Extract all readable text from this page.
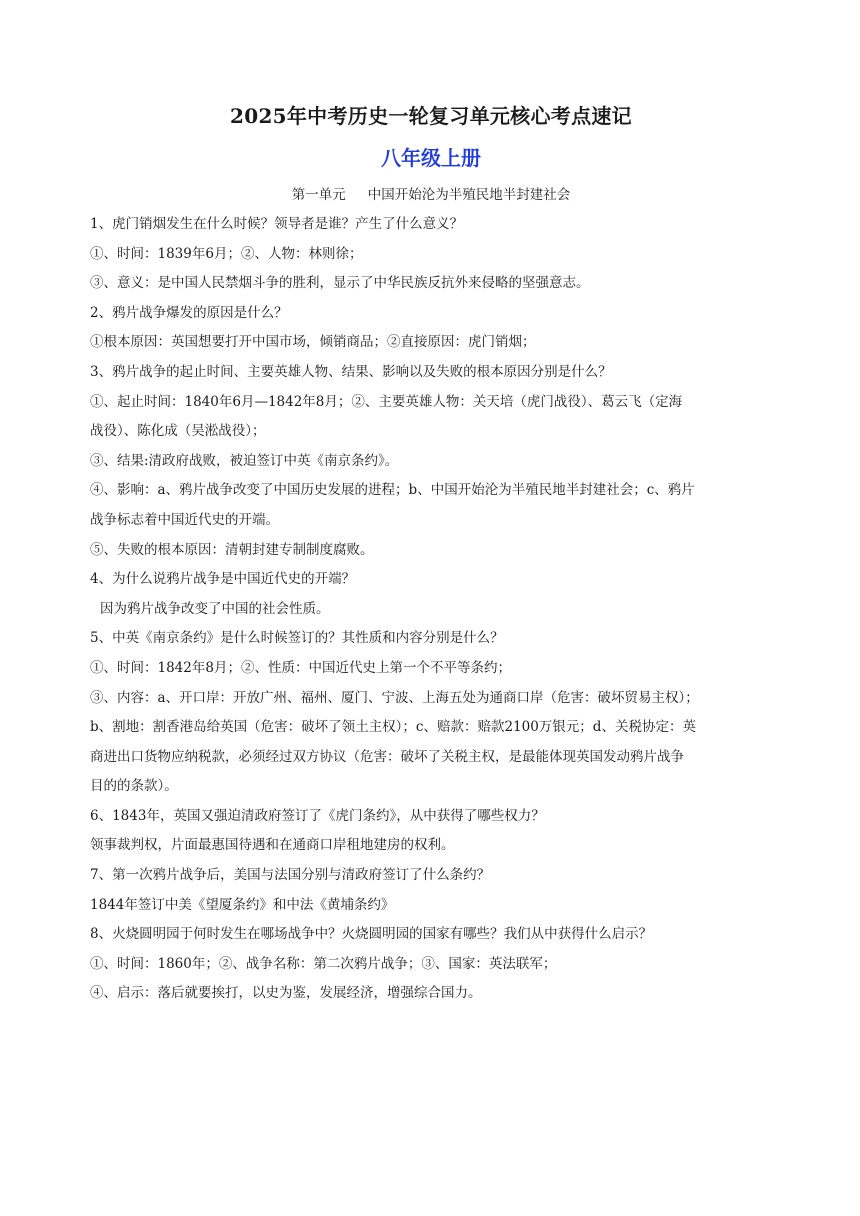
2025年中考历史一轮复习单元核心考点速记
八年级上册

第一单元 中国开始沦为半殖民地半封建社会

1、虎门销烟发生在什么时候？领导者是谁？产生了什么意义？

①、时间：1839年6月；②、人物：林则徐；

③、意义：是中国人民禁烟斗争的胜利，显示了中华民族反抗外来侵略的坚强意志。

2、鸦片战争爆发的原因是什么？

①根本原因：英国想要打开中国市场，倾销商品；②直接原因：虎门销烟；

3、鸦片战争的起止时间、主要英雄人物、结果、影响以及失败的根本原因分别是什么？

①、起止时间：1840年6月—1842年8月；②、主要英雄人物：关天培（虎门战役）、葛云飞（定海

战役）、陈化成（吴淞战役）；

③、结果:清政府战败，被迫签订中英《南京条约》。

④、影响：a、鸦片战争改变了中国历史发展的进程；b、中国开始沦为半殖民地半封建社会；c、鸦片

战争标志着中国近代史的开端。

⑤、失败的根本原因：清朝封建专制制度腐败。

4、为什么说鸦片战争是中国近代史的开端？

因为鸦片战争改变了中国的社会性质。

5、中英《南京条约》是什么时候签订的？其性质和内容分别是什么？

①、时间：1842年8月；②、性质：中国近代史上第一个不平等条约；

③、内容：a、开口岸：开放广州、福州、厦门、宁波、上海五处为通商口岸（危害：破坏贸易主权）；

b、割地：割香港岛给英国（危害：破坏了领土主权）；c、赔款：赔款2100万银元；d、关税协定：英

商进出口货物应纳税款，必须经过双方协议（危害：破坏了关税主权，是最能体现英国发动鸦片战争

目的的条款）。

6、1843年，英国又强迫清政府签订了《虎门条约》，从中获得了哪些权力？

领事裁判权，片面最惠国待遇和在通商口岸租地建房的权利。

7、第一次鸦片战争后，美国与法国分别与清政府签订了什么条约？

1844年签订中美《望厦条约》和中法《黄埔条约》

8、火烧圆明园于何时发生在哪场战争中？火烧圆明园的国家有哪些？我们从中获得什么启示？

①、时间：1860年；②、战争名称：第二次鸦片战争；③、国家：英法联军；

④、启示：落后就要挨打，以史为鉴，发展经济，增强综合国力。
